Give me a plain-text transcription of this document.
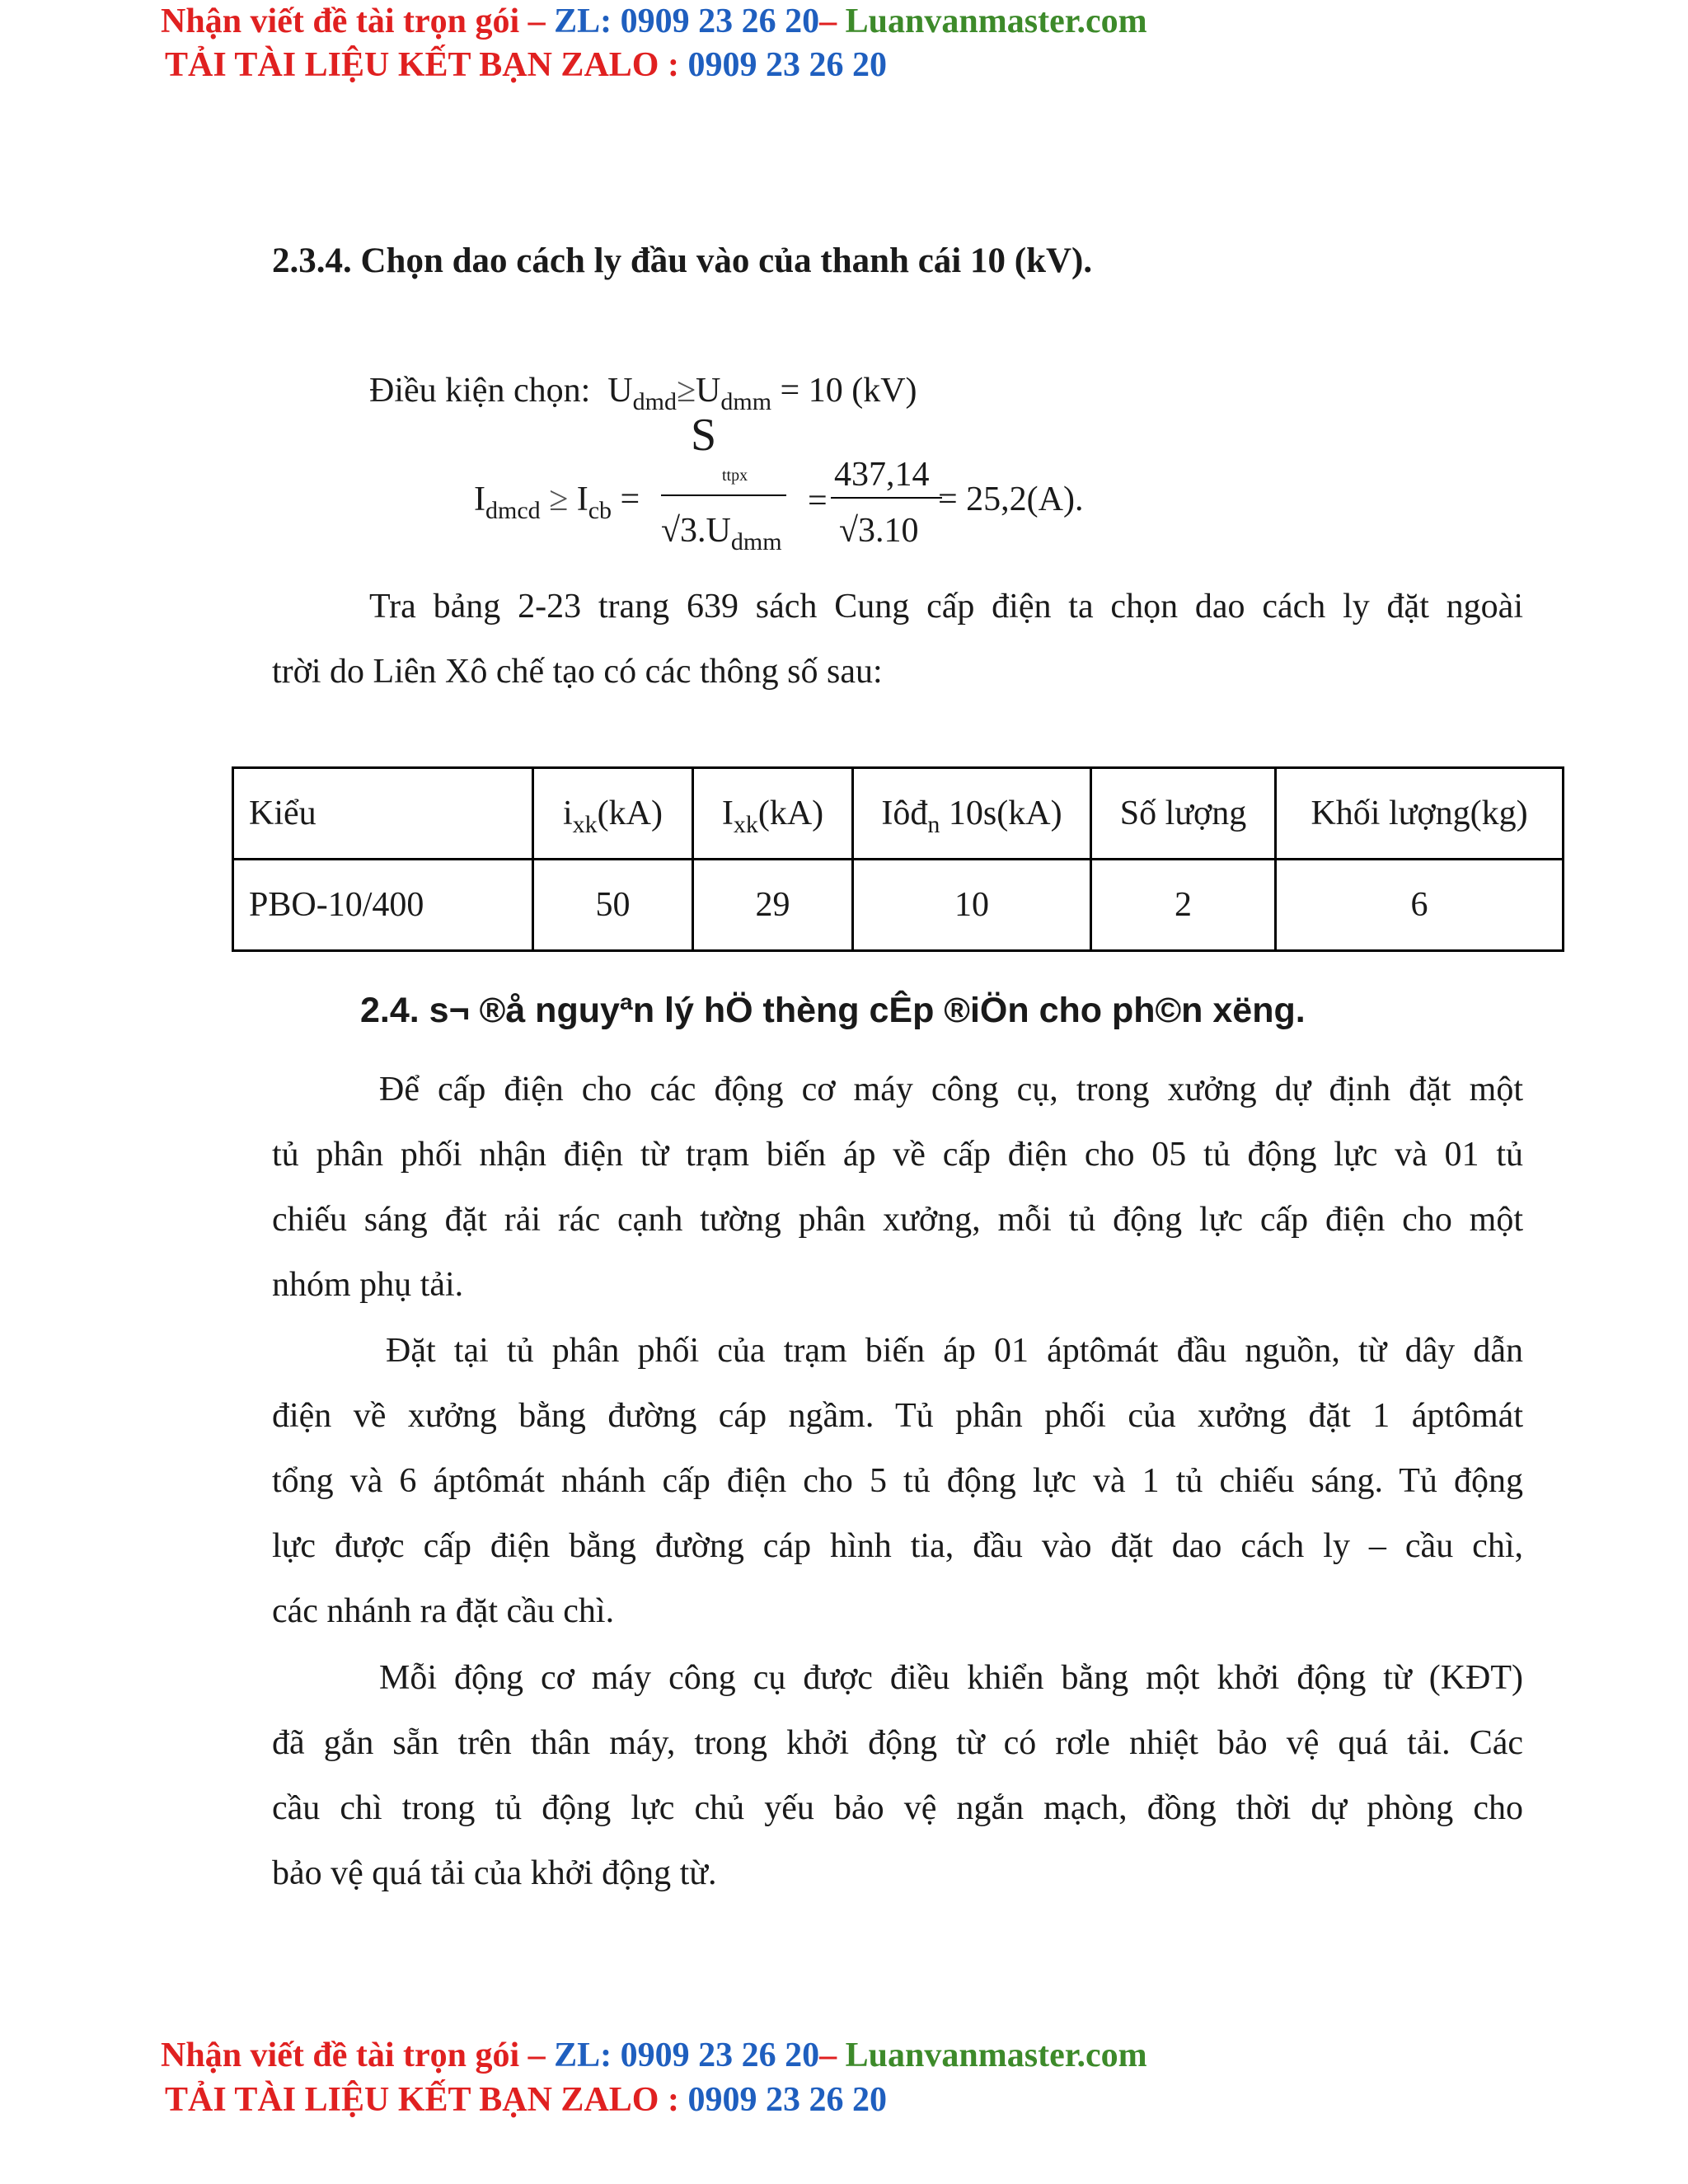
Nhận viết đề tài trọn gói – ZL: 0909 23 26 20– Luanvanmaster.com
TẢI TÀI LIỆU KẾT BẠN ZALO : 0909 23 26 20
2.3.4. Chọn dao cách ly đầu vào của thanh cái 10 (kV).
Điều kiện chọn: $U_{dmd}\ge U_{dmm} = 10$ (kV)
$I_{dmcd} \ge I_{cb}$ =
S
ttpx
$√3.U_{dmm}$
=
437,14
√3.10
= 25,2(A).
Tra bảng 2-23 trang 639 sách Cung cấp điện ta chọn dao cách ly đặt ngoài
trời do Liên Xô chế tạo có các thông số sau:
Kiểu	$i_{xk}(kA)$	$I_{xk}(kA)$	Iôđ$_n$ 10s(kA)	Số lượng	Khối lượng(kg)
PBO-10/400	50	29	10	2	6
2.4. s¬ ®å nguyªn lý hÖ thèng cÊp ®iÖn cho ph©n xëng.
Để cấp điện cho các động cơ máy công cụ, trong xưởng dự định đặt một
tủ phân phối nhận điện từ trạm biến áp về cấp điện cho 05 tủ động lực và 01 tủ
chiếu sáng đặt rải rác cạnh tường phân xưởng, mỗi tủ động lực cấp điện cho một
nhóm phụ tải.
Đặt tại tủ phân phối của trạm biến áp 01 áptômát đầu nguồn, từ dây dẫn
điện về xưởng bằng đường cáp ngầm. Tủ phân phối của xưởng đặt 1 áptômát
tổng và 6 áptômát nhánh cấp điện cho 5 tủ động lực và 1 tủ chiếu sáng. Tủ động
lực được cấp điện bằng đường cáp hình tia, đầu vào đặt dao cách ly – cầu chì,
các nhánh ra đặt cầu chì.
Mỗi động cơ máy công cụ được điều khiển bằng một khởi động từ (KĐT)
đã gắn sẵn trên thân máy, trong khởi động từ có rơle nhiệt bảo vệ quá tải. Các
cầu chì trong tủ động lực chủ yếu bảo vệ ngắn mạch, đồng thời dự phòng cho
bảo vệ quá tải của khởi động từ.
Nhận viết đề tài trọn gói – ZL: 0909 23 26 20– Luanvanmaster.com
TẢI TÀI LIỆU KẾT BẠN ZALO : 0909 23 26 20
